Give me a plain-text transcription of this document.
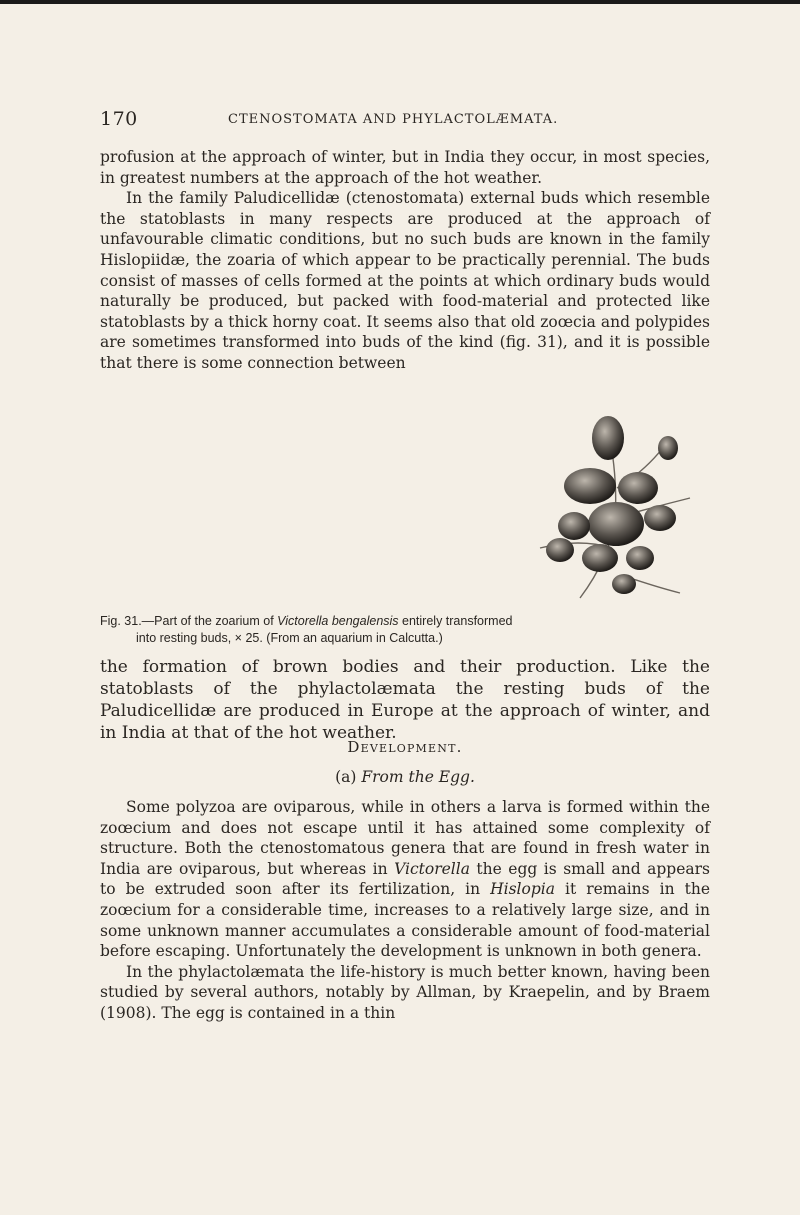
170	CTENOSTOMATA AND PHYLACTOLÆMATA.

profusion at the approach of winter, but in India they occur, in most species, in greatest numbers at the approach of the hot weather.

In the family Paludicellidæ (ctenostomata) external buds which resemble the statoblasts in many respects are produced at the approach of unfavourable climatic conditions, but no such buds are known in the family Hislopiidæ, the zoaria of which appear to be practically perennial. The buds consist of masses of cells formed at the points at which ordinary buds would naturally be produced, but packed with food-material and protected like statoblasts by a thick horny coat. It seems also that old zoœcia and polypides are sometimes transformed into buds of the kind (fig. 31), and it is possible that there is some connection between

Fig. 31.—Part of the zoarium of Victorella bengalensis entirely transformed
into resting buds, × 25. (From an aquarium in Calcutta.)

the formation of brown bodies and their production. Like the statoblasts of the phylactolæmata the resting buds of the Paludicellidæ are produced in Europe at the approach of winter, and in India at that of the hot weather.

Development.
(a) From the Egg.

Some polyzoa are oviparous, while in others a larva is formed within the zoœcium and does not escape until it has attained some complexity of structure. Both the ctenostomatous genera that are found in fresh water in India are oviparous, but whereas in Victorella the egg is small and appears to be extruded soon after its fertilization, in Hislopia it remains in the zoœcium for a considerable time, increases to a relatively large size, and in some unknown manner accumulates a considerable amount of food-material before escaping. Unfortunately the development is unknown in both genera.

In the phylactolæmata the life-history is much better known, having been studied by several authors, notably by Allman, by Kraepelin, and by Braem (1908). The egg is contained in a thin
